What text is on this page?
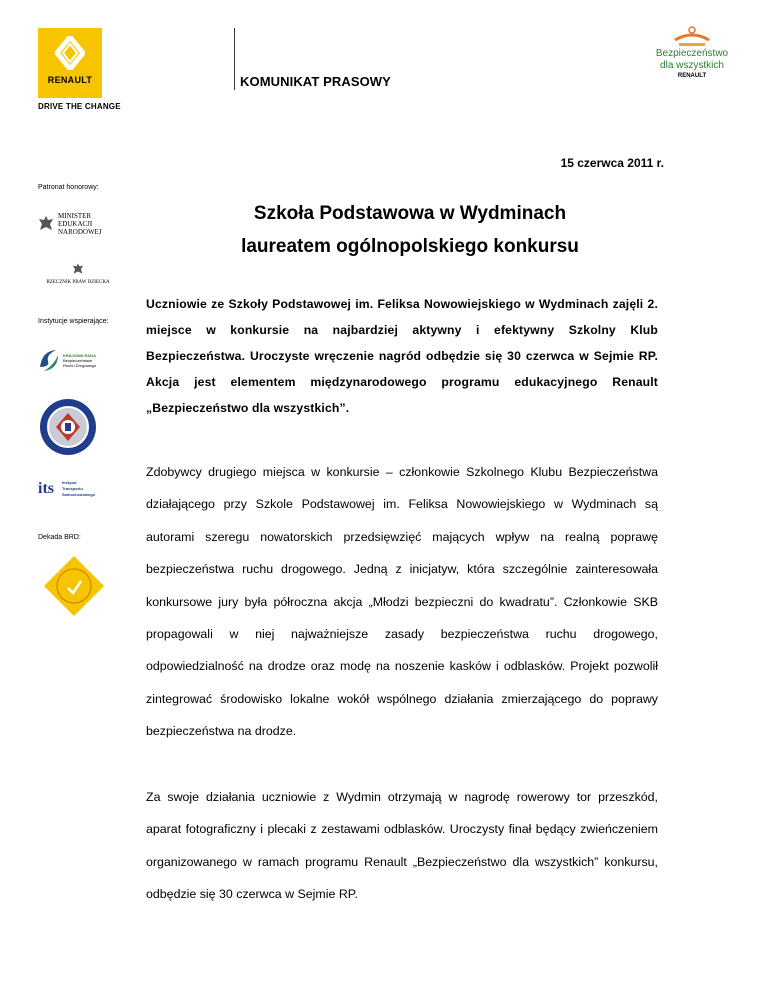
RENAULT
DRIVE THE CHANGE
KOMUNIKAT PRASOWY
Bezpieczeństwo
dla wszystkich
RENAULT
15 czerwca 2011 r.
Patronat honorowy:
MINISTER
EDUKACJI
NARODOWEJ
RZECZNIK PRAW DZIECKA
Instytucje wspierające:
KRAJOWA RADA
Bezpieczeństwa
Ruchu Drogowego
its Instytut
Transportu
Samochodowego
Dekada BRD:
Szkoła Podstawowa w Wydminach
laureatem ogólnopolskiego konkursu
Uczniowie ze Szkoły Podstawowej im. Feliksa Nowowiejskiego w Wydminach zajęli 2. miejsce w konkursie na najbardziej aktywny i efektywny Szkolny Klub Bezpieczeństwa. Uroczyste wręczenie nagród odbędzie się 30 czerwca w Sejmie RP. Akcja jest elementem międzynarodowego programu edukacyjnego Renault „Bezpieczeństwo dla wszystkich”.
Zdobywcy drugiego miejsca w konkursie – członkowie Szkolnego Klubu Bezpieczeństwa działającego przy Szkole Podstawowej im. Feliksa Nowowiejskiego w Wydminach są autorami szeregu nowatorskich przedsięwzięć mających wpływ na realną poprawę bezpieczeństwa ruchu drogowego. Jedną z inicjatyw, która szczególnie zainteresowała konkursowe jury była półroczna akcja „Młodzi bezpieczni do kwadratu”. Członkowie SKB propagowali w niej najważniejsze zasady bezpieczeństwa ruchu drogowego, odpowiedzialność na drodze oraz modę na noszenie kasków i odblasków. Projekt pozwolił zintegrować środowisko lokalne wokół wspólnego działania zmierzającego do poprawy bezpieczeństwa na drodze.
Za swoje działania uczniowie z Wydmin otrzymają w nagrodę rowerowy tor przeszkód, aparat fotograficzny i plecaki z zestawami odblasków. Uroczysty finał będący zwieńczeniem organizowanego w ramach programu Renault „Bezpieczeństwo dla wszystkich” konkursu, odbędzie się 30 czerwca w Sejmie RP.
